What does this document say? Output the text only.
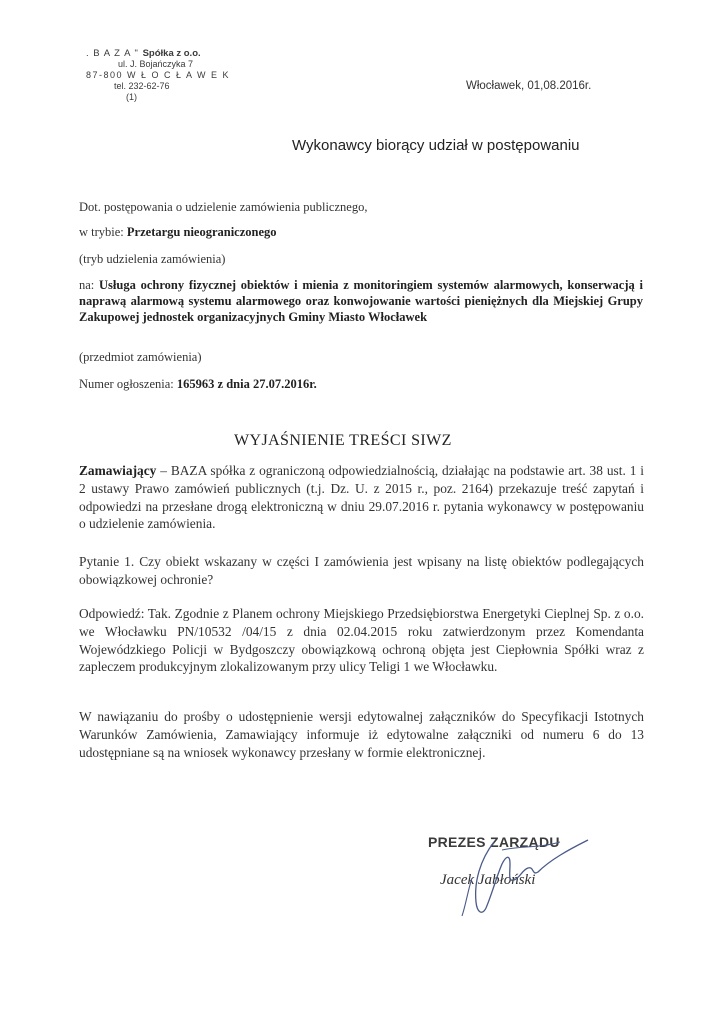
. B A Z A " Spółka z o.o.
ul. J. Bojańczyka 7
87-800 W Ł O C Ł A W E K
tel. 232-62-76
(1)
Włocławek, 01,08.2016r.
Wykonawcy biorący udział w postępowaniu
Dot. postępowania o udzielenie zamówienia publicznego,
w trybie: Przetargu nieograniczonego
(tryb udzielenia zamówienia)
na: Usługa ochrony fizycznej obiektów i mienia z monitoringiem systemów alarmowych, konserwacją i naprawą alarmową systemu alarmowego oraz konwojowanie wartości pieniężnych dla Miejskiej Grupy Zakupowej jednostek organizacyjnych Gminy Miasto Włocławek
(przedmiot zamówienia)
Numer ogłoszenia: 165963 z dnia 27.07.2016r.
WYJAŚNIENIE TREŚCI SIWZ
Zamawiający – BAZA spółka z ograniczoną odpowiedzialnością, działając na podstawie art. 38 ust. 1 i 2 ustawy Prawo zamówień publicznych (t.j. Dz. U. z 2015 r., poz. 2164) przekazuje treść zapytań i odpowiedzi na przesłane drogą elektroniczną w dniu 29.07.2016 r. pytania wykonawcy w postępowaniu o udzielenie zamówienia.
Pytanie 1. Czy obiekt wskazany w części I zamówienia jest wpisany na listę obiektów podlegających obowiązkowej ochronie?
Odpowiedź: Tak. Zgodnie z Planem ochrony Miejskiego Przedsiębiorstwa Energetyki Cieplnej Sp. z o.o. we Włocławku PN/10532 /04/15 z dnia 02.04.2015 roku zatwierdzonym przez Komendanta Wojewódzkiego Policji w Bydgoszczy obowiązkową ochroną objęta jest Ciepłownia Spółki wraz z zapleczem produkcyjnym zlokalizowanym przy ulicy Teligi 1 we Włocławku.
W nawiązaniu do prośby o udostępnienie wersji edytowalnej załączników do Specyfikacji Istotnych Warunków Zamówienia, Zamawiający informuje iż edytowalne załączniki od numeru 6 do 13 udostępniane są na wniosek wykonawcy przesłany w formie elektronicznej.
PREZES ZARZĄDU
Jacek Jabłoński
